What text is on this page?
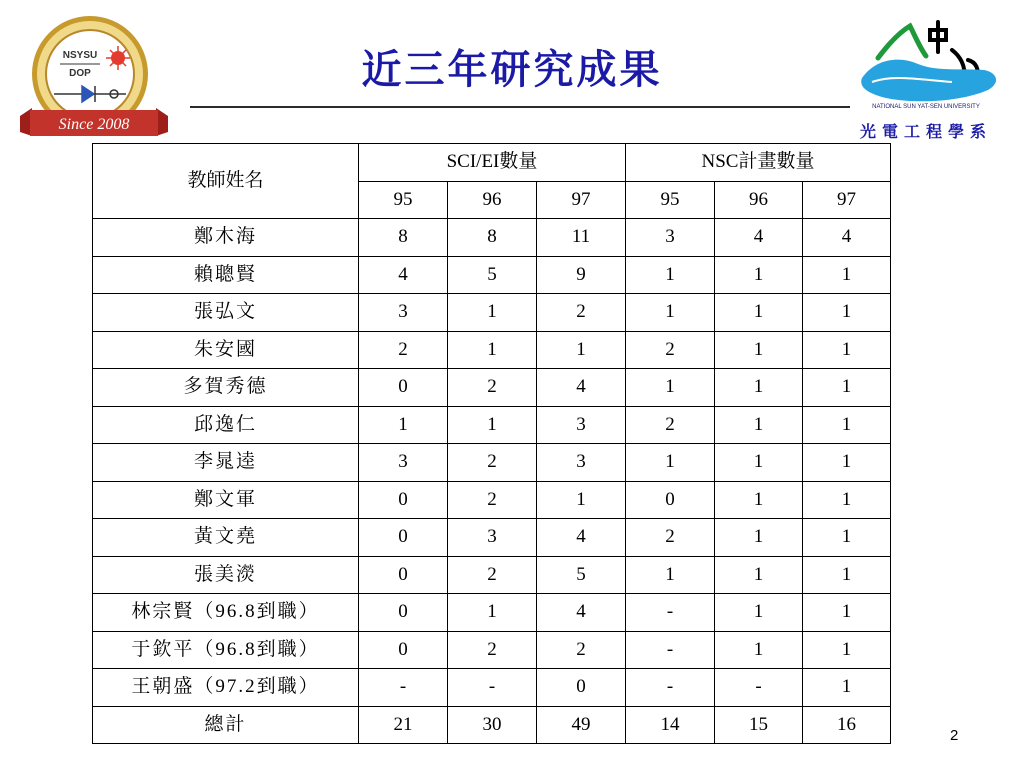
NSYSU
DOP
Since 2008
近三年研究成果
NATIONAL SUN YAT-SEN UNIVERSITY
光電工程學系
教師姓名	SCI/EI數量			NSC計畫數量		
	95	96	97	95	96	97
鄭木海	8	8	11	3	4	4
賴聰賢	4	5	9	1	1	1
張弘文	3	1	2	1	1	1
朱安國	2	1	1	2	1	1
多賀秀德	0	2	4	1	1	1
邱逸仁	1	1	3	2	1	1
李晁逵	3	2	3	1	1	1
鄭文軍	0	2	1	0	1	1
黃文堯	0	3	4	2	1	1
張美濙	0	2	5	1	1	1
林宗賢（96.8到職）	0	1	4	-	1	1
于欽平（96.8到職）	0	2	2	-	1	1
王朝盛（97.2到職）	-	-	0	-	-	1
總計	21	30	49	14	15	16
2
